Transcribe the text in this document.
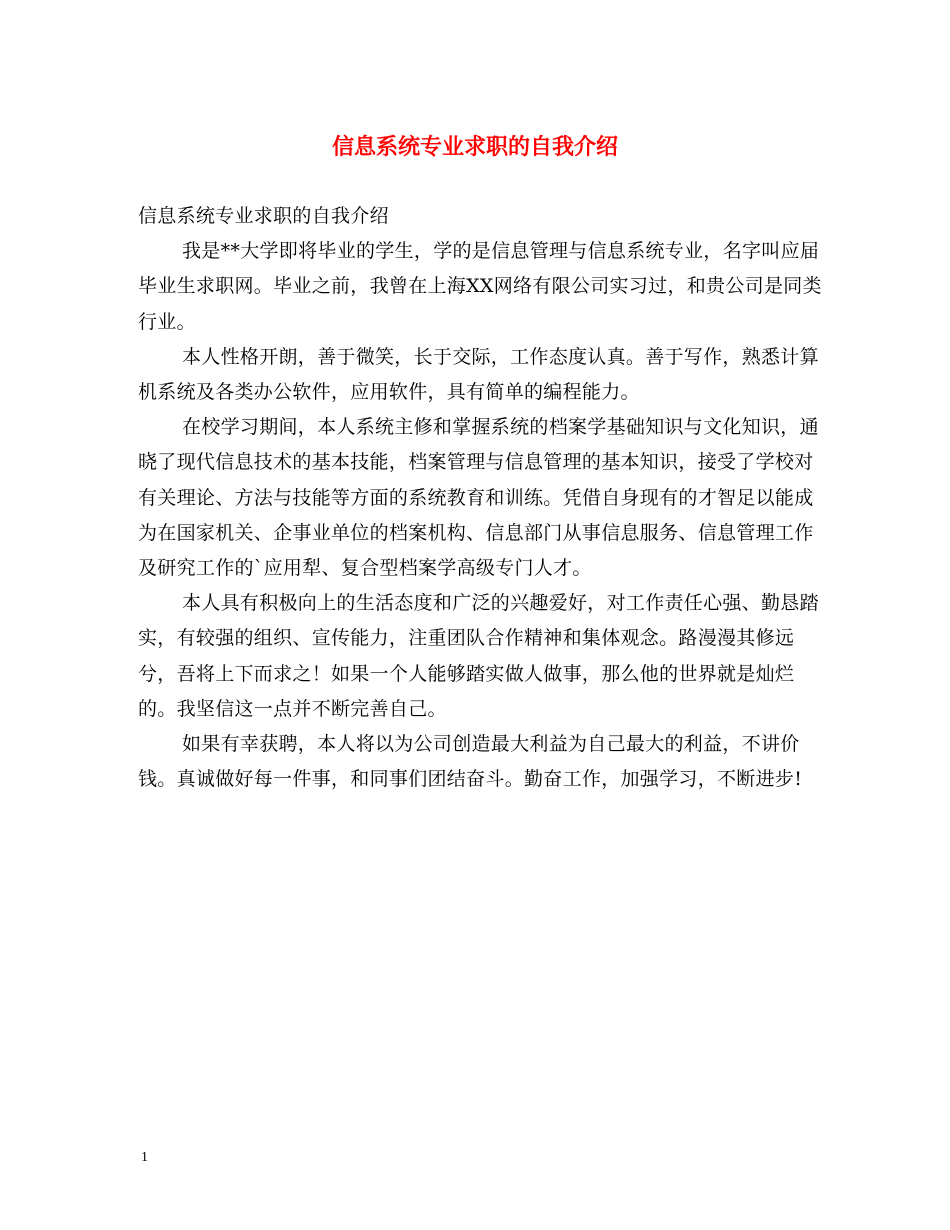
信息系统专业求职的自我介绍

信息系统专业求职的自我介绍

我是**大学即将毕业的学生，学的是信息管理与信息系统专业，名字叫应届毕业生求职网。毕业之前，我曾在上海XX网络有限公司实习过，和贵公司是同类行业。

本人性格开朗，善于微笑，长于交际，工作态度认真。善于写作，熟悉计算机系统及各类办公软件，应用软件，具有简单的编程能力。

在校学习期间，本人系统主修和掌握系统的档案学基础知识与文化知识，通晓了现代信息技术的基本技能，档案管理与信息管理的基本知识，接受了学校对有关理论、方法与技能等方面的系统教育和训练。凭借自身现有的才智足以能成为在国家机关、企事业单位的档案机构、信息部门从事信息服务、信息管理工作及研究工作的`应用犁、复合型档案学高级专门人才。

本人具有积极向上的生活态度和广泛的兴趣爱好，对工作责任心强、勤恳踏实，有较强的组织、宣传能力，注重团队合作精神和集体观念。路漫漫其修远兮，吾将上下而求之！如果一个人能够踏实做人做事，那么他的世界就是灿烂的。我坚信这一点并不断完善自己。

如果有幸获聘，本人将以为公司创造最大利益为自己最大的利益，不讲价钱。真诚做好每一件事，和同事们团结奋斗。勤奋工作，加强学习，不断进步!

1
